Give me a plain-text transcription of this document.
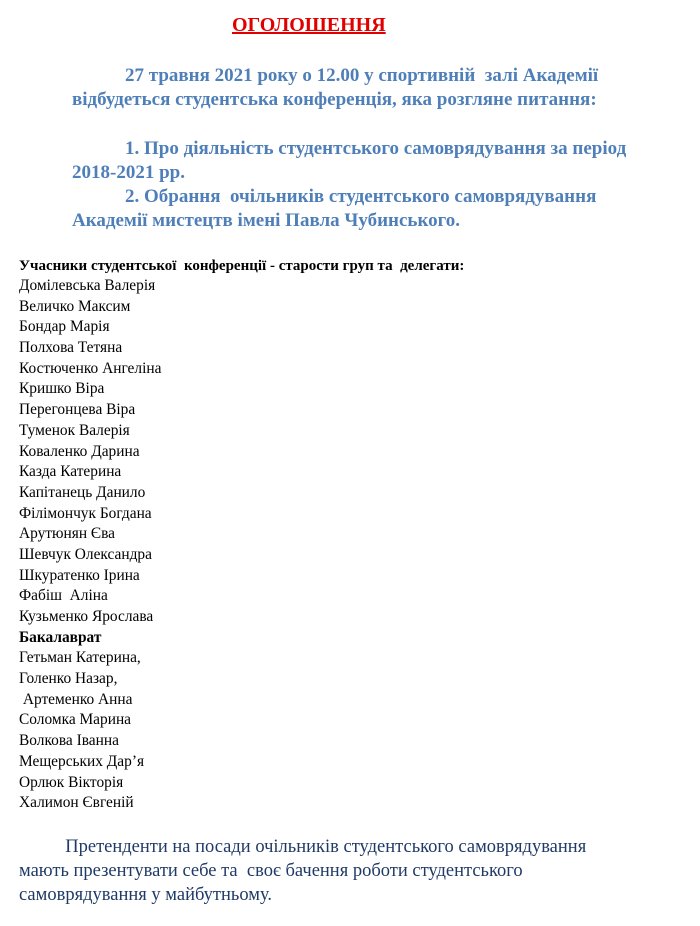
ОГОЛОШЕННЯ
27 травня 2021 року о 12.00 у спортивній  залі Академії
відбудеться студентська конференція, яка розгляне питання:
1. Про діяльність студентського самоврядування за період
2018-2021 рр.
2. Обрання  очільників студентського самоврядування
Академії мистецтв імені Павла Чубинського.
Учасники студентської  конференції - старости груп та  делегати:
Домілевська Валерія
Величко Максим
Бондар Марія
Полхова Тетяна
Костюченко Ангеліна
Кришко Віра
Перегонцева Віра
Туменок Валерія
Коваленко Дарина
Казда Катерина
Капітанець Данило
Філімончук Богдана
Арутюнян Єва
Шевчук Олександра
Шкуратенко Ірина
Фабіш  Аліна
Кузьменко Ярослава
Бакалаврат
Гетьман Катерина,
Голенко Назар,
Артеменко Анна
Соломка Марина
Волкова Іванна
Мещерських Дар’я
Орлюк Вікторія
Халимон Євгеній
Претенденти на посади очільників студентського самоврядування
мають презентувати себе та  своє бачення роботи студентського
самоврядування у майбутньому.
